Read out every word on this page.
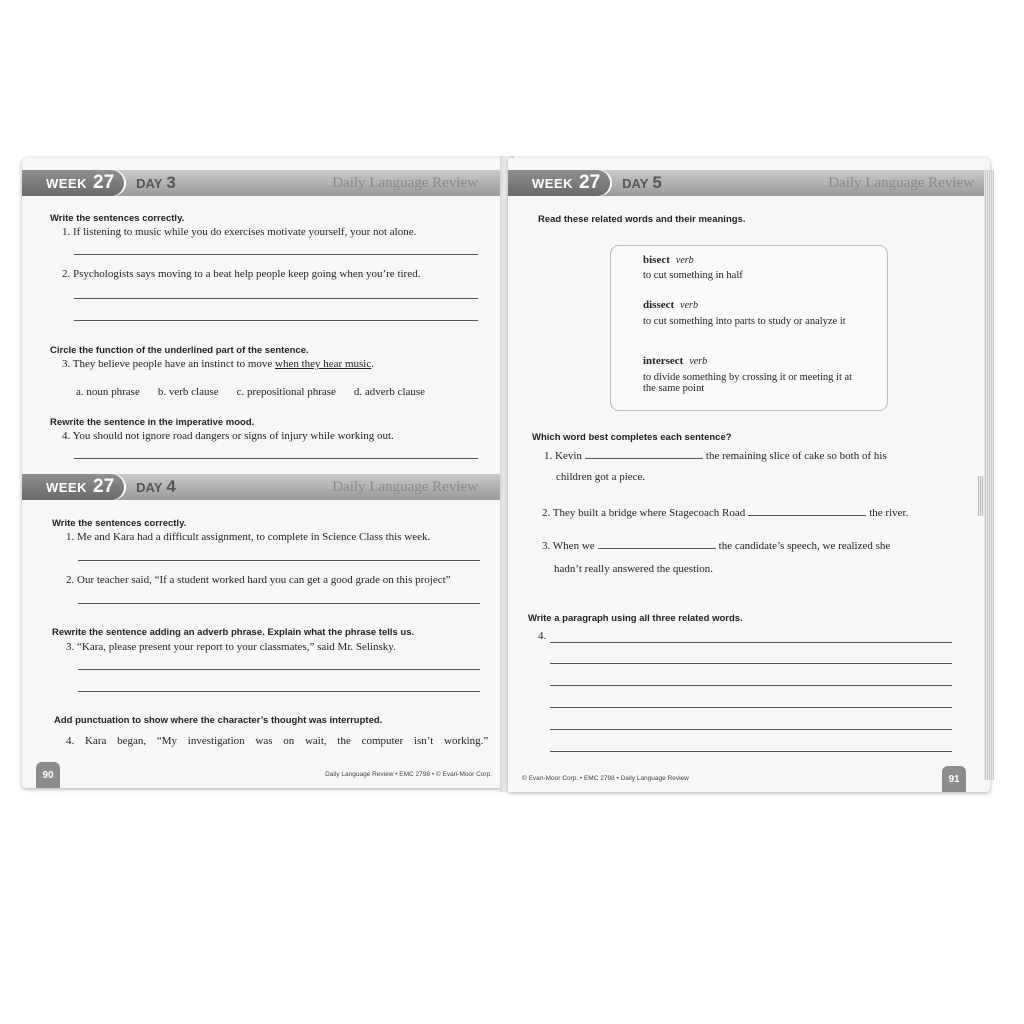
WEEK 27 DAY 3	Daily Language Review
Write the sentences correctly.
1. If listening to music while you do exercises motivate yourself, your not alone.
2. Psychologists says moving to a beat help people keep going when you’re tired.
Circle the function of the underlined part of the sentence.
3. They believe people have an instinct to move when they hear music.
a. noun phrase b. verb clause c. prepositional phrase d. adverb clause
Rewrite the sentence in the imperative mood.
4. You should not ignore road dangers or signs of injury while working out.
WEEK 27 DAY 4	Daily Language Review
Write the sentences correctly.
1. Me and Kara had a difficult assignment, to complete in Science Class this week.
2. Our teacher said, “If a student worked hard you can get a good grade on this project”
Rewrite the sentence adding an adverb phrase. Explain what the phrase tells us.
3. “Kara, please present your report to your classmates,” said Mr. Selinsky.
Add punctuation to show where the character’s thought was interrupted.
4. Kara began, “My investigation was on wait, the computer isn’t working.”
90	Daily Language Review • EMC 2798 • © Evan-Moor Corp.
WEEK 27 DAY 5	Daily Language Review
Read these related words and their meanings.
bisect verb
to cut something in half
dissect verb
to cut something into parts to study or analyze it
intersect verb
to divide something by crossing it or meeting it at the same point
Which word best completes each sentence?
1. Kevin	the remaining slice of cake so both of his
children got a piece.
2. They built a bridge where Stagecoach Road	the river.
3. When we	the candidate’s speech, we realized she
hadn’t really answered the question.
Write a paragraph using all three related words.
4.
© Evan-Moor Corp. • EMC 2798 • Daily Language Review	91
